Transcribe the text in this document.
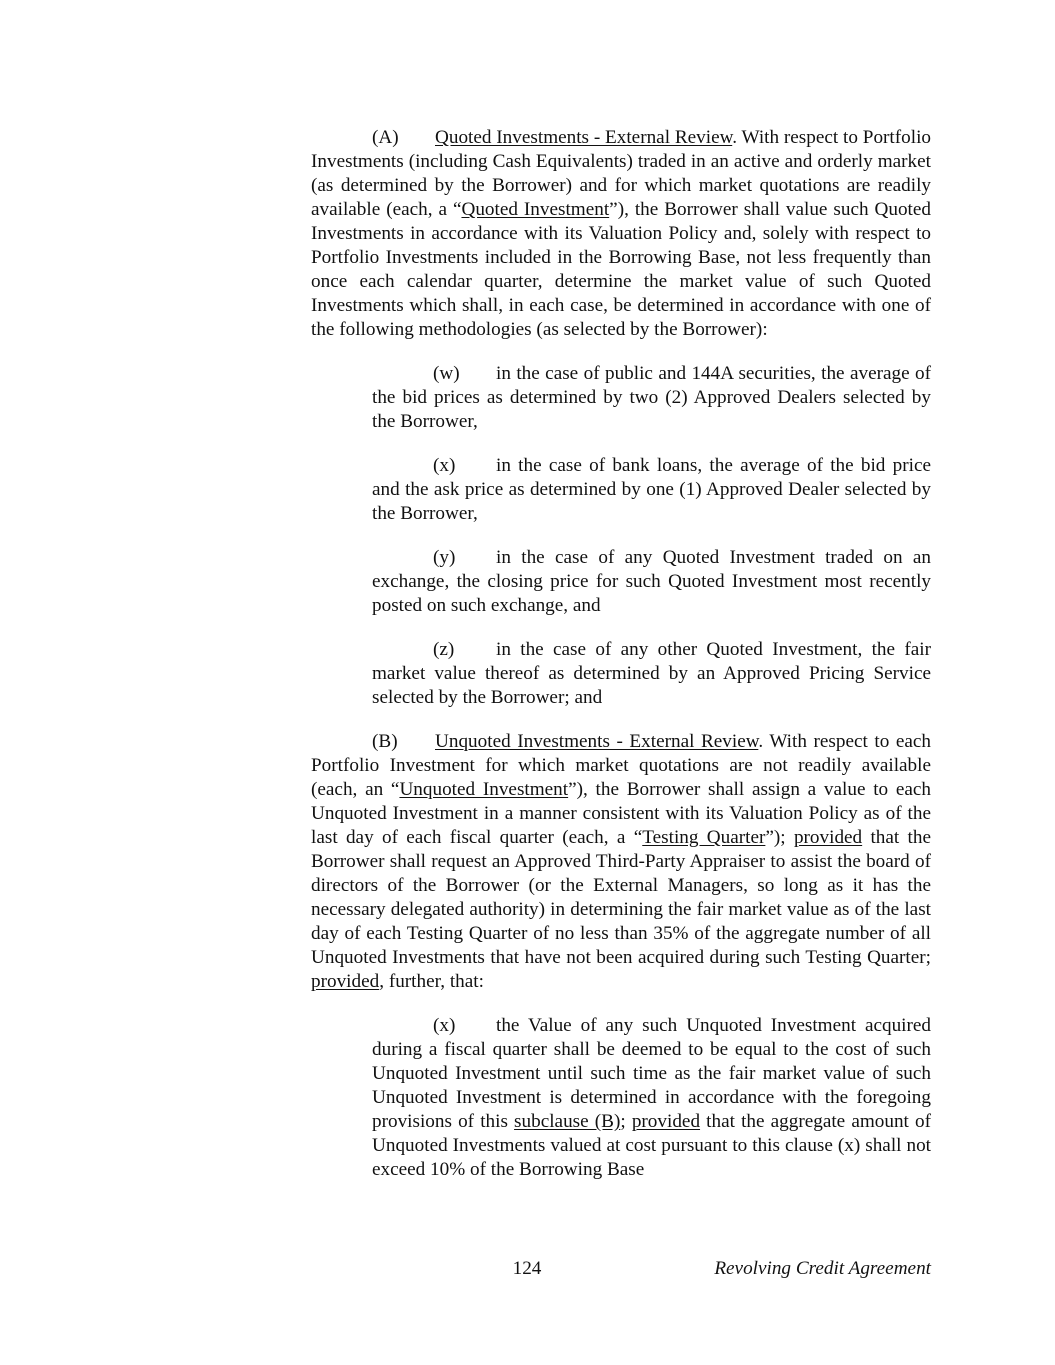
(A) Quoted Investments - External Review. With respect to Portfolio Investments (including Cash Equivalents) traded in an active and orderly market (as determined by the Borrower) and for which market quotations are readily available (each, a “Quoted Investment”), the Borrower shall value such Quoted Investments in accordance with its Valuation Policy and, solely with respect to Portfolio Investments included in the Borrowing Base, not less frequently than once each calendar quarter, determine the market value of such Quoted Investments which shall, in each case, be determined in accordance with one of the following methodologies (as selected by the Borrower):

(w) in the case of public and 144A securities, the average of the bid prices as determined by two (2) Approved Dealers selected by the Borrower,

(x) in the case of bank loans, the average of the bid price and the ask price as determined by one (1) Approved Dealer selected by the Borrower,

(y) in the case of any Quoted Investment traded on an exchange, the closing price for such Quoted Investment most recently posted on such exchange, and

(z) in the case of any other Quoted Investment, the fair market value thereof as determined by an Approved Pricing Service selected by the Borrower; and

(B) Unquoted Investments - External Review. With respect to each Portfolio Investment for which market quotations are not readily available (each, an “Unquoted Investment”), the Borrower shall assign a value to each Unquoted Investment in a manner consistent with its Valuation Policy as of the last day of each fiscal quarter (each, a “Testing Quarter”); provided that the Borrower shall request an Approved Third-Party Appraiser to assist the board of directors of the Borrower (or the External Managers, so long as it has the necessary delegated authority) in determining the fair market value as of the last day of each Testing Quarter of no less than 35% of the aggregate number of all Unquoted Investments that have not been acquired during such Testing Quarter; provided, further, that:

(x) the Value of any such Unquoted Investment acquired during a fiscal quarter shall be deemed to be equal to the cost of such Unquoted Investment until such time as the fair market value of such Unquoted Investment is determined in accordance with the foregoing provisions of this subclause (B); provided that the aggregate amount of Unquoted Investments valued at cost pursuant to this clause (x) shall not exceed 10% of the Borrowing Base

124	Revolving Credit Agreement
